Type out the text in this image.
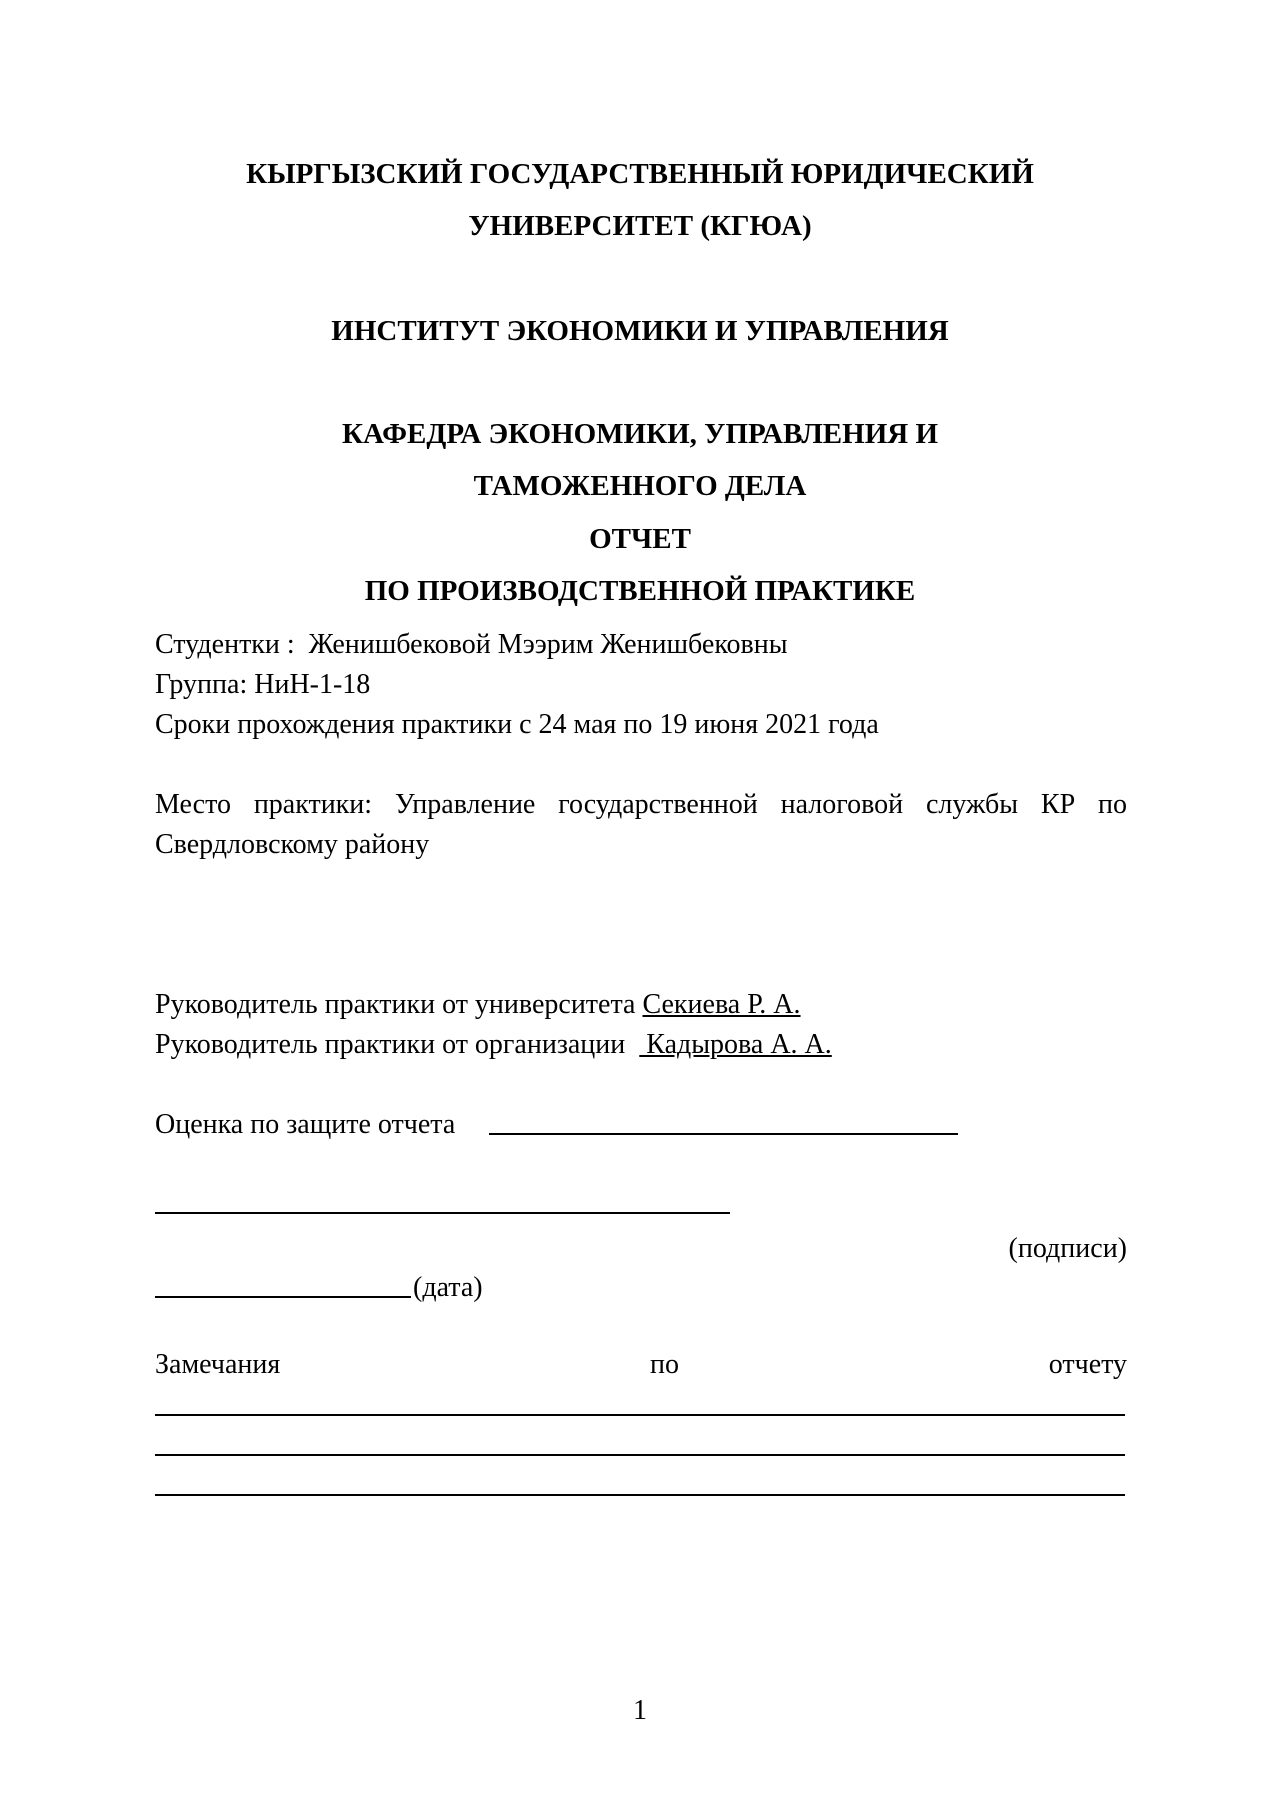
КЫРГЫЗСКИЙ ГОСУДАРСТВЕННЫЙ ЮРИДИЧЕСКИЙ
УНИВЕРСИТЕТ (КГЮА)
ИНСТИТУТ ЭКОНОМИКИ И УПРАВЛЕНИЯ
КАФЕДРА ЭКОНОМИКИ, УПРАВЛЕНИЯ И
ТАМОЖЕННОГО ДЕЛА
ОТЧЕТ
ПО ПРОИЗВОДСТВЕННОЙ ПРАКТИКЕ
Студентки : Женишбековой Мээрим Женишбековны
Группа: НиН-1-18
Сроки прохождения практики с 24 мая по 19 июня 2021 года
Место практики: Управление государственной налоговой службы КР по Свердловскому району
Руководитель практики от университета Секиева Р. А.
Руководитель практики от организации   Кадырова А. А.
Оценка по защите отчета
(подписи)
(дата)
Замечания	по	отчету
1
